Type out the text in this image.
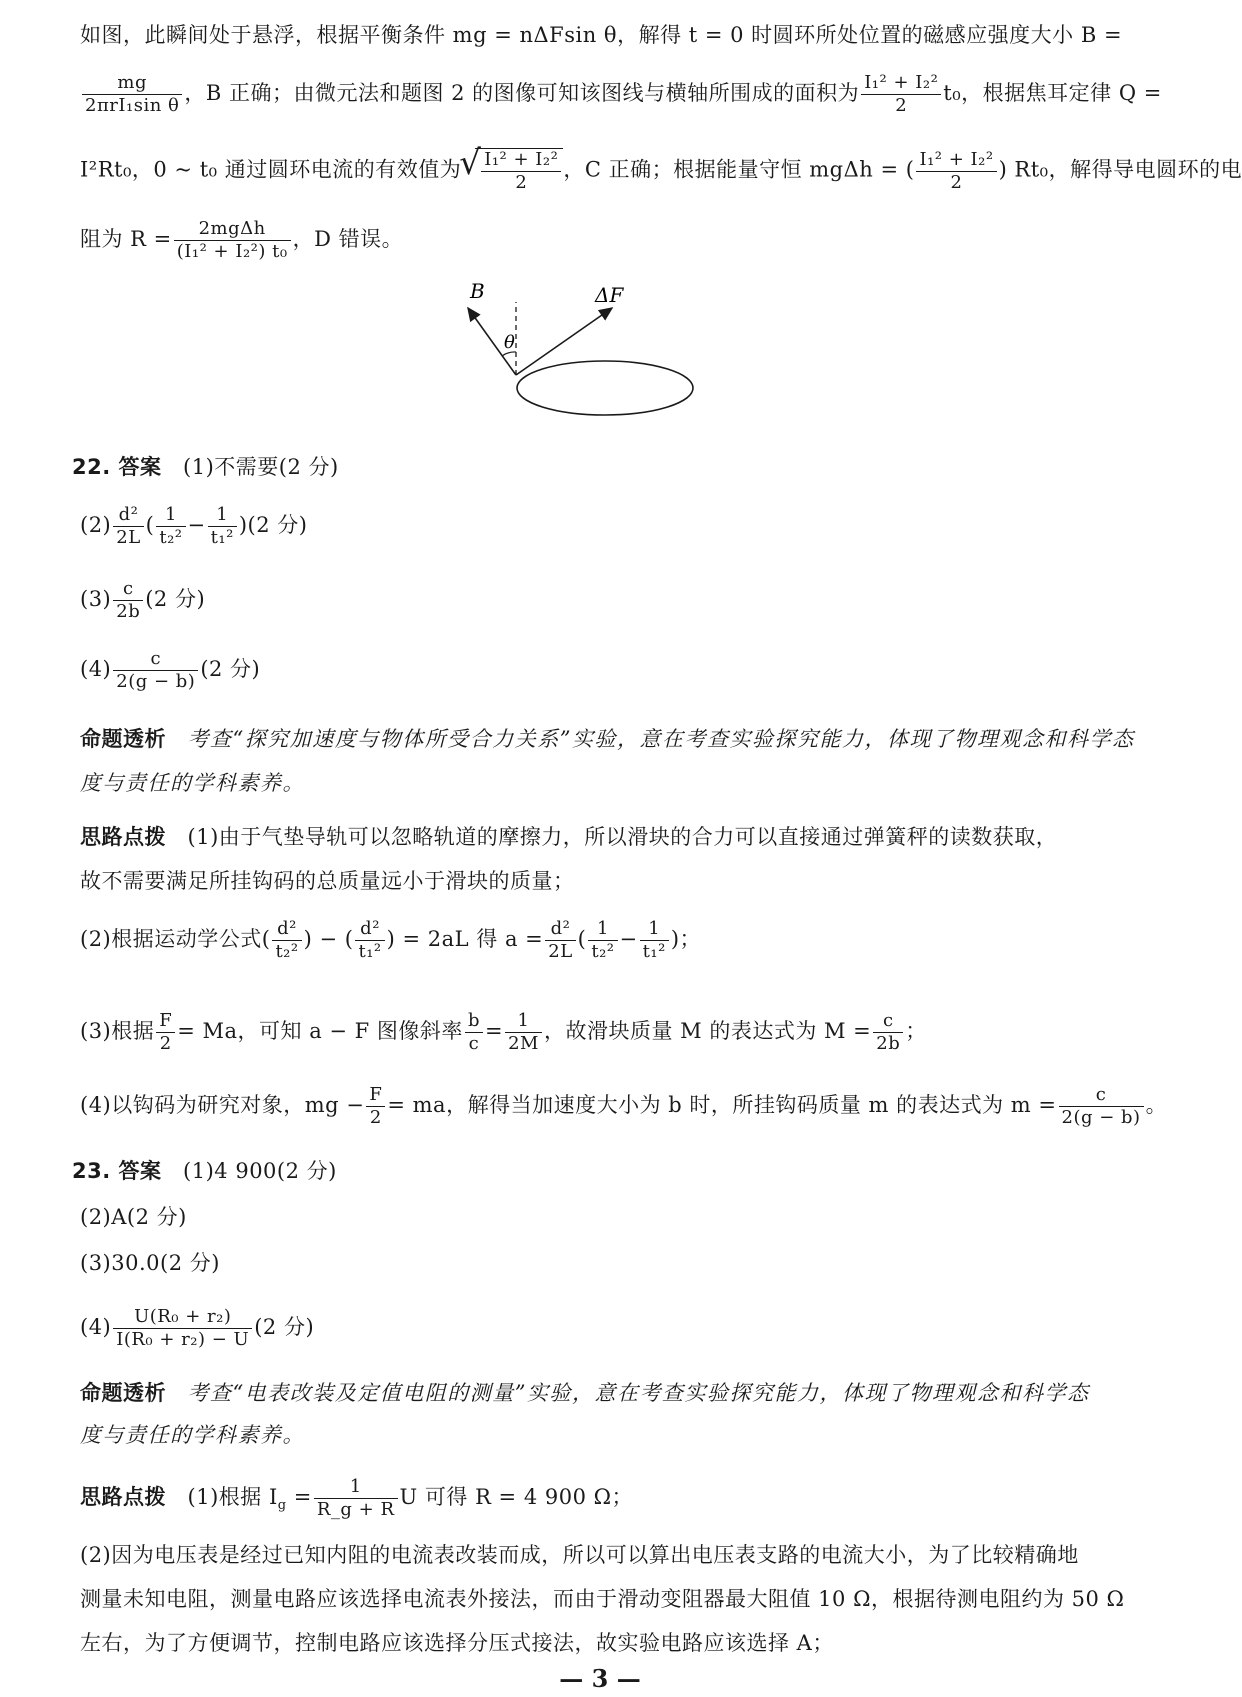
如图，此瞬间处于悬浮，根据平衡条件 mg = nΔFsin θ，解得 t = 0 时圆环所处位置的磁感应强度大小 B =
$\frac{mg}{\text{2πrI₁sin θ}}$ ，B 正确；由微元法和题图 2 的图像可知该图线与横轴所围成的面积为 $\frac{\text{I₁² + I₂²}}{2} t_0$，根据焦耳定律 Q =
I²Rt₀，0 ~ t₀ 通过圆环电流的有效值为
√ $\frac{\text{I₁² + I₂²}}{2}$ ，C 正确；根据能量守恒 mgΔh = ( $\frac{\text{I₁² + I₂²}}{2}$ ) Rt₀，解得导电圆环的电
阻为 $R = \frac{\text{2mgΔh}}{\text{(I₁² + I₂²) t₀}}$ ，D 错误。
B	ΔF
θ
22. 答案 (1)不需要(2 分)
$(2) \frac{\text{d²}}{2L}$ ( $\frac{1}{\text{t₂²}} - \frac{1}{\text{t₁²}} )(2$ 分)
$(3) \frac{c}{2b} (2$ 分)
$(4) \frac{c}{2(g - b)} (2$ 分)
命题透析 考查“探究加速度与物体所受合力关系”实验，意在考查实验探究能力，体现了物理观念和科学态
度与责任的学科素养。
思路点拨 (1)由于气垫导轨可以忽略轨道的摩擦力，所以滑块的合力可以直接通过弹簧秤的读数获取，
故不需要满足所挂钩码的总质量远小于滑块的质量；
(2)根据运动学公式( $\frac{\text{d²}}{\text{t₂²}}$ ) − ( $\frac{\text{d²}}{\text{t₁²}}$ ) = 2aL 得 $a = \frac{\text{d²}}{2L}$ ( $\frac{1}{\text{t₂²}} - \frac{1}{\text{t₁²}}$ )；
(3)根据 $\frac{F}{2} = Ma$，可知 a − F 图像斜率 $\frac{b}{c} = \frac{1}{2M}$ ，故滑块质量 M 的表达式为 $M = \frac{c}{2b}$ ；
(4)以钩码为研究对象，mg − $\frac{F}{2}$ = ma，解得当加速度大小为 b 时，所挂钩码质量 m 的表达式为 $m = \frac{c}{2(g - b)}$ 。
23. 答案 (1)4 900(2 分)
(2)A(2 分)
(3)30.0(2 分)
$(4) \frac{\text{U(R₀ + r₂)}}{\text{I(R₀ + r₂) − U}} (2$ 分)
命题透析 考查“电表改装及定值电阻的测量”实验，意在考查实验探究能力，体现了物理观念和科学态
度与责任的学科素养。
思路点拨 (1)根据 $I_g = \frac{1}{R\_g + R}$ U 可得 R = 4 900 Ω；
(2)因为电压表是经过已知内阻的电流表改装而成，所以可以算出电压表支路的电流大小，为了比较精确地
测量未知电阻，测量电路应该选择电流表外接法，而由于滑动变阻器最大阻值 10 Ω，根据待测电阻约为 50 Ω
左右，为了方便调节，控制电路应该选择分压式接法，故实验电路应该选择 A；
— 3 —
